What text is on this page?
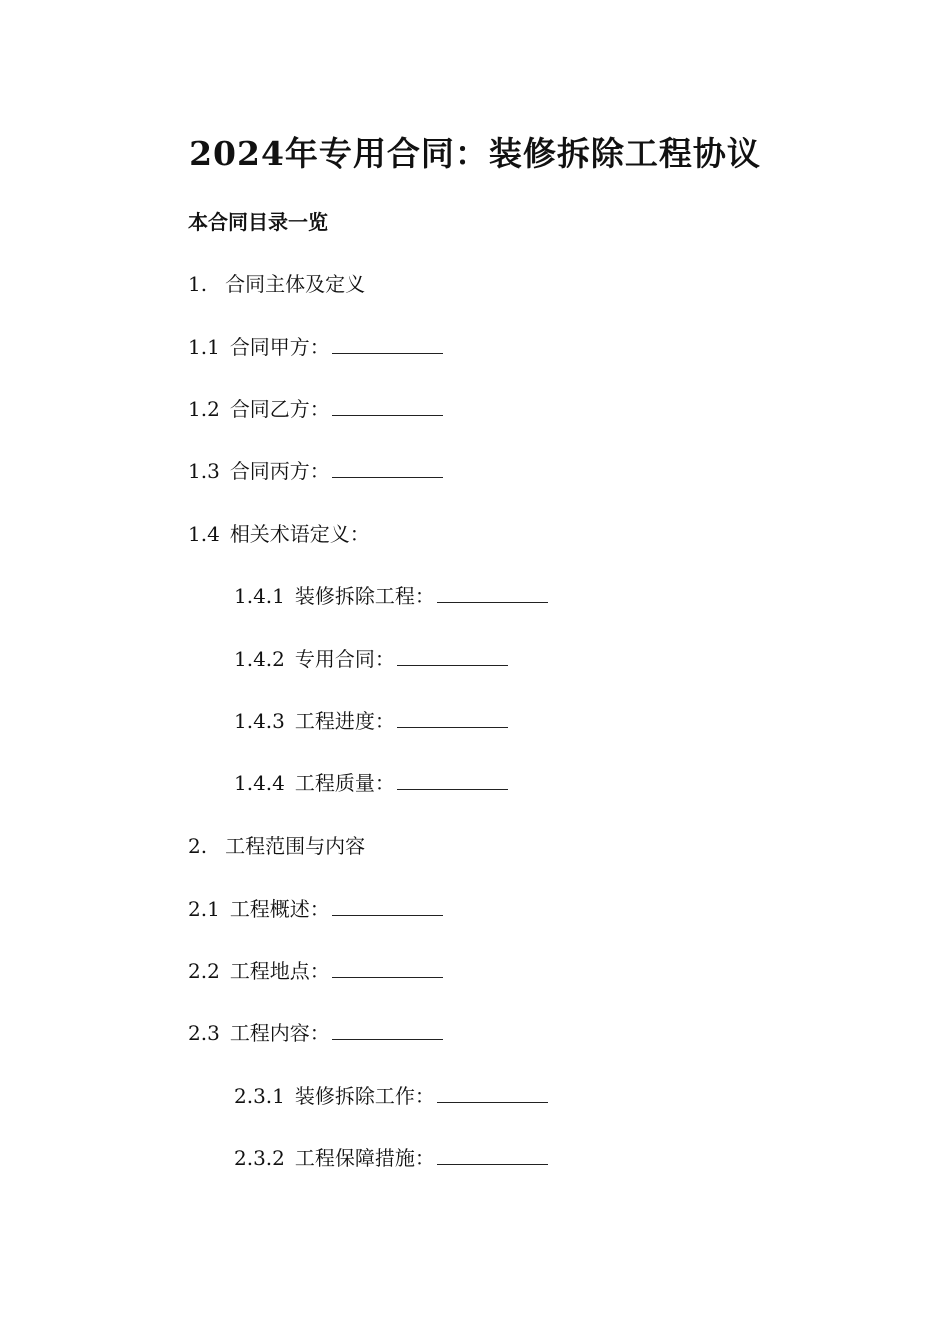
2024年专用合同：装修拆除工程协议
本合同目录一览
1. 合同主体及定义
1.1 合同甲方：
1.2 合同乙方：
1.3 合同丙方：
1.4 相关术语定义：
1.4.1 装修拆除工程：
1.4.2 专用合同：
1.4.3 工程进度：
1.4.4 工程质量：
2. 工程范围与内容
2.1 工程概述：
2.2 工程地点：
2.3 工程内容：
2.3.1 装修拆除工作：
2.3.2 工程保障措施：
